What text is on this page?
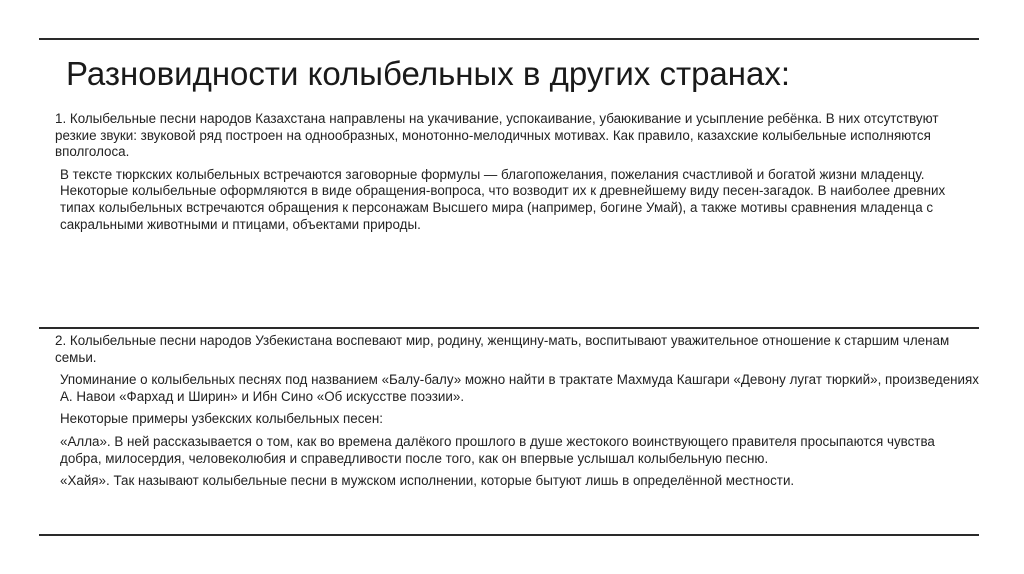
Разновидности колыбельных в других странах:

1. Колыбельные песни народов Казахстана направлены на укачивание, успокаивание, убаюкивание и усыпление ребёнка. В них отсутствуют резкие звуки: звуковой ряд построен на однообразных, монотонно-мелодичных мотивах. Как правило, казахские колыбельные исполняются вполголоса.

В тексте тюркских колыбельных встречаются заговорные формулы — благопожелания, пожелания счастливой и богатой жизни младенцу. Некоторые колыбельные оформляются в виде обращения-вопроса, что возводит их к древнейшему виду песен-загадок. В наиболее древних типах колыбельных встречаются обращения к персонажам Высшего мира (например, богине Умай), а также мотивы сравнения младенца с сакральными животными и птицами, объектами природы.

2. Колыбельные песни народов Узбекистана воспевают мир, родину, женщину-мать, воспитывают уважительное отношение к старшим членам семьи.

Упоминание о колыбельных песнях под названием «Балу-балу» можно найти в трактате Махмуда Кашгари «Девону лугат тюркий», произведениях А. Навои «Фархад и Ширин» и Ибн Сино «Об искусстве поэзии».

Некоторые примеры узбекских колыбельных песен:

«Алла». В ней рассказывается о том, как во времена далёкого прошлого в душе жестокого воинствующего правителя просыпаются чувства добра, милосердия, человеколюбия и справедливости после того, как он впервые услышал колыбельную песню.

«Хайя». Так называют колыбельные песни в мужском исполнении, которые бытуют лишь в определённой местности.
